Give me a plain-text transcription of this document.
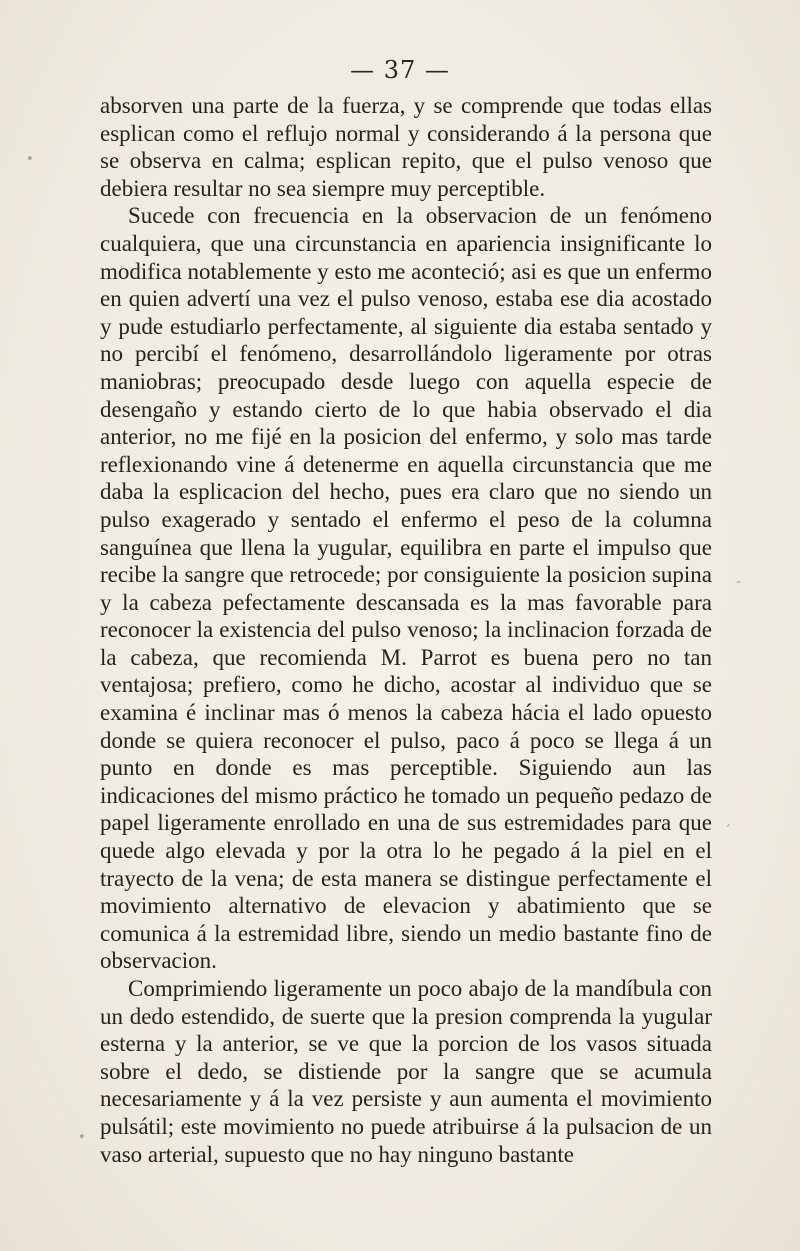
— 37 —

absorven una parte de la fuerza, y se comprende que todas ellas esplican como el reflujo normal y considerando á la persona que se observa en calma; esplican repito, que el pulso venoso que debiera resultar no sea siempre muy perceptible.

Sucede con frecuencia en la observacion de un fenómeno cualquiera, que una circunstancia en apariencia insignificante lo modifica notablemente y esto me aconteció; asi es que un enfermo en quien advertí una vez el pulso venoso, estaba ese dia acostado y pude estudiarlo perfectamente, al siguiente dia estaba sentado y no percibí el fenómeno, desarrollándolo ligeramente por otras maniobras; preocupado desde luego con aquella especie de desengaño y estando cierto de lo que habia observado el dia anterior, no me fijé en la posicion del enfermo, y solo mas tarde reflexionando vine á detenerme en aquella circunstancia que me daba la esplicacion del hecho, pues era claro que no siendo un pulso exagerado y sentado el enfermo el peso de la columna sanguínea que llena la yugular, equilibra en parte el impulso que recibe la sangre que retrocede; por consiguiente la posicion supina y la cabeza pefectamente descansada es la mas favorable para reconocer la existencia del pulso venoso; la inclinacion forzada de la cabeza, que recomienda M. Parrot es buena pero no tan ventajosa; prefiero, como he dicho, acostar al individuo que se examina é inclinar mas ó menos la cabeza hácia el lado opuesto donde se quiera reconocer el pulso, paco á poco se llega á un punto en donde es mas perceptible. Siguiendo aun las indicaciones del mismo práctico he tomado un pequeño pedazo de papel ligeramente enrollado en una de sus estremidades para que quede algo elevada y por la otra lo he pegado á la piel en el trayecto de la vena; de esta manera se distingue perfectamente el movimiento alternativo de elevacion y abatimiento que se comunica á la estremidad libre, siendo un medio bastante fino de observacion.

Comprimiendo ligeramente un poco abajo de la mandíbula con un dedo estendido, de suerte que la presion comprenda la yugular esterna y la anterior, se ve que la porcion de los vasos situada sobre el dedo, se distiende por la sangre que se acumula necesariamente y á la vez persiste y aun aumenta el movimiento pulsátil; este movimiento no puede atribuirse á la pulsacion de un vaso arterial, supuesto que no hay ninguno bastante

•
´
-
•
